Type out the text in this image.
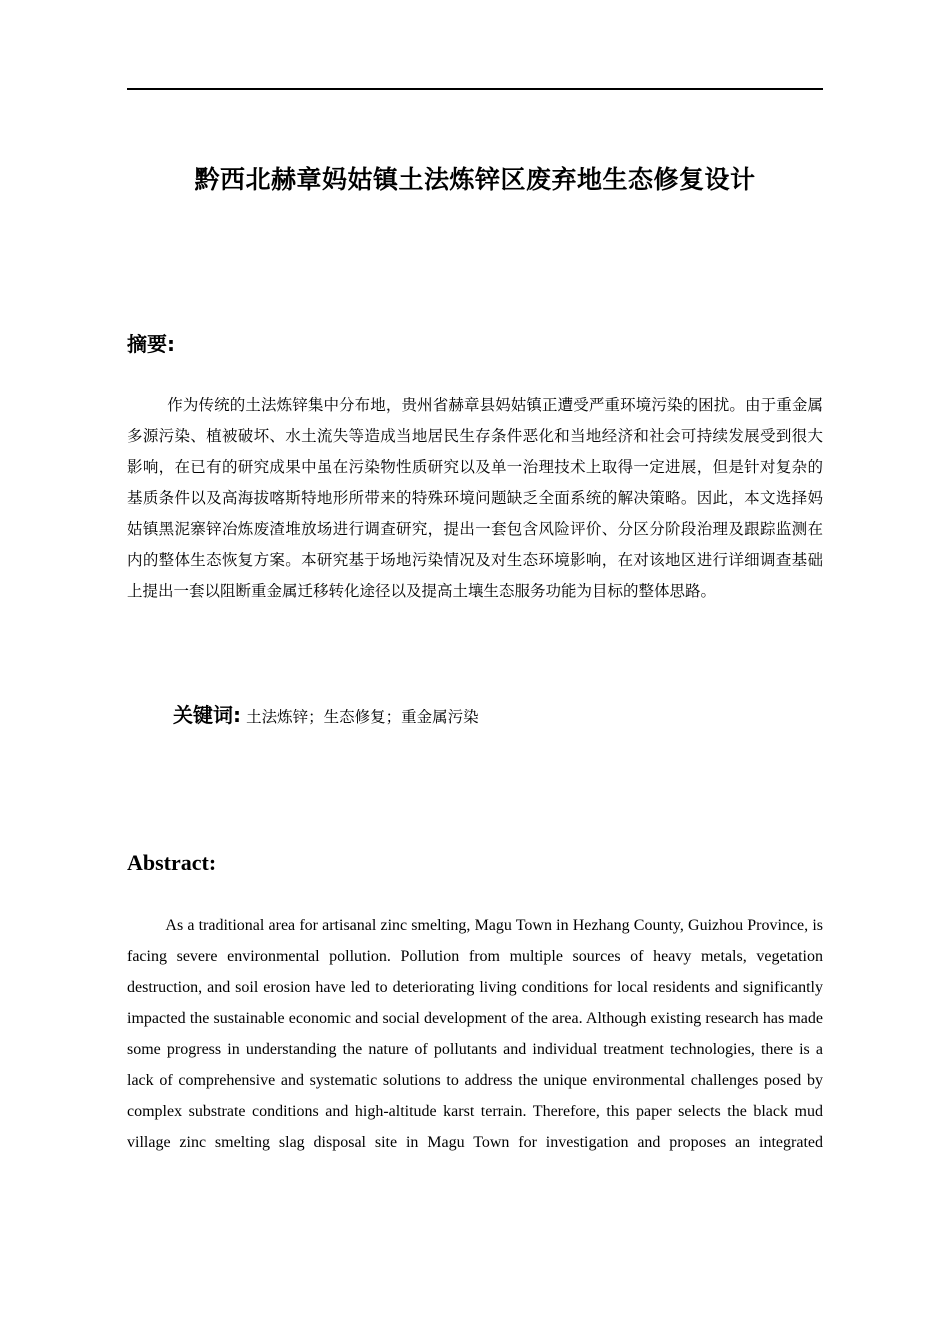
黔西北赫章妈姑镇土法炼锌区废弃地生态修复设计
摘要:

作为传统的土法炼锌集中分布地，贵州省赫章县妈姑镇正遭受严重环境污染的困扰。由于重金属多源污染、植被破坏、水土流失等造成当地居民生存条件恶化和当地经济和社会可持续发展受到很大影响，在已有的研究成果中虽在污染物性质研究以及单一治理技术上取得一定进展，但是针对复杂的基质条件以及高海拔喀斯特地形所带来的特殊环境问题缺乏全面系统的解决策略。因此，本文选择妈姑镇黑泥寨锌冶炼废渣堆放场进行调查研究，提出一套包含风险评价、分区分阶段治理及跟踪监测在内的整体生态恢复方案。本研究基于场地污染情况及对生态环境影响，在对该地区进行详细调查基础上提出一套以阻断重金属迁移转化途径以及提高土壤生态服务功能为目标的整体思路。

关键词: 土法炼锌；生态修复；重金属污染
Abstract:

As a traditional area for artisanal zinc smelting, Magu Town in Hezhang County, Guizhou Province, is facing severe environmental pollution. Pollution from multiple sources of heavy metals, vegetation destruction, and soil erosion have led to deteriorating living conditions for local residents and significantly impacted the sustainable economic and social development of the area. Although existing research has made some progress in understanding the nature of pollutants and individual treatment technologies, there is a lack of comprehensive and systematic solutions to address the unique environmental challenges posed by complex substrate conditions and high-altitude karst terrain. Therefore, this paper selects the black mud village zinc smelting slag disposal site in Magu Town for investigation and proposes an integrated
